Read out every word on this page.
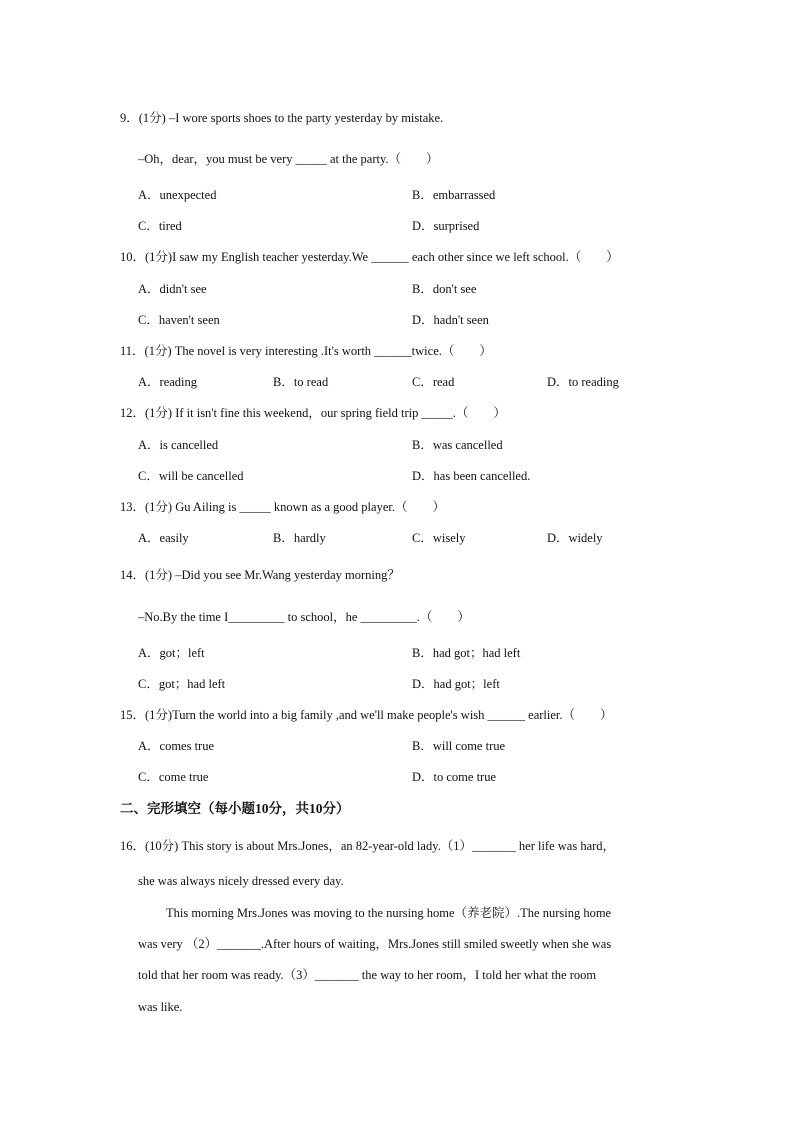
9．(1分) –I wore sports shoes to the party yesterday by mistake.
–Oh，dear，you must be very _____ at the party.（　　）
A．unexpected	B．embarrassed
C．tired	D．surprised
10．(1分)I saw my English teacher yesterday.We ______ each other since we left school.（　　）
A．didn't see	B．don't see
C．haven't seen	D．hadn't seen
11．(1分) The novel is very interesting .It's worth ______twice.（　　）
A．reading	B．to read	C．read	D．to reading
12．(1分) If it isn't fine this weekend，our spring field trip _____.（　　）
A．is cancelled	B．was cancelled
C．will be cancelled	D．has been cancelled.
13．(1分) Gu Ailing is _____ known as a good player.（　　）
A．easily	B．hardly	C．wisely	D．widely
14．(1分) –Did you see Mr.Wang yesterday morning？
–No.By the time I_________ to school，he _________.（　　）
A．got；left	B．had got；had left
C．got；had left	D．had got；left
15．(1分)Turn the world into a big family ,and we'll make people's wish ______ earlier.（　　）
A．comes true	B．will come true
C．come true	D．to come true
二、完形填空（每小题10分，共10分）
16．(10分) This story is about Mrs.Jones，an 82-year-old lady.（1）_______ her life was hard，
she was always nicely dressed every day.
This morning Mrs.Jones was moving to the nursing home（养老院）.The nursing home
was very （2）_______.After hours of waiting，Mrs.Jones still smiled sweetly when she was
told that her room was ready.（3）_______ the way to her room，I told her what the room
was like.
